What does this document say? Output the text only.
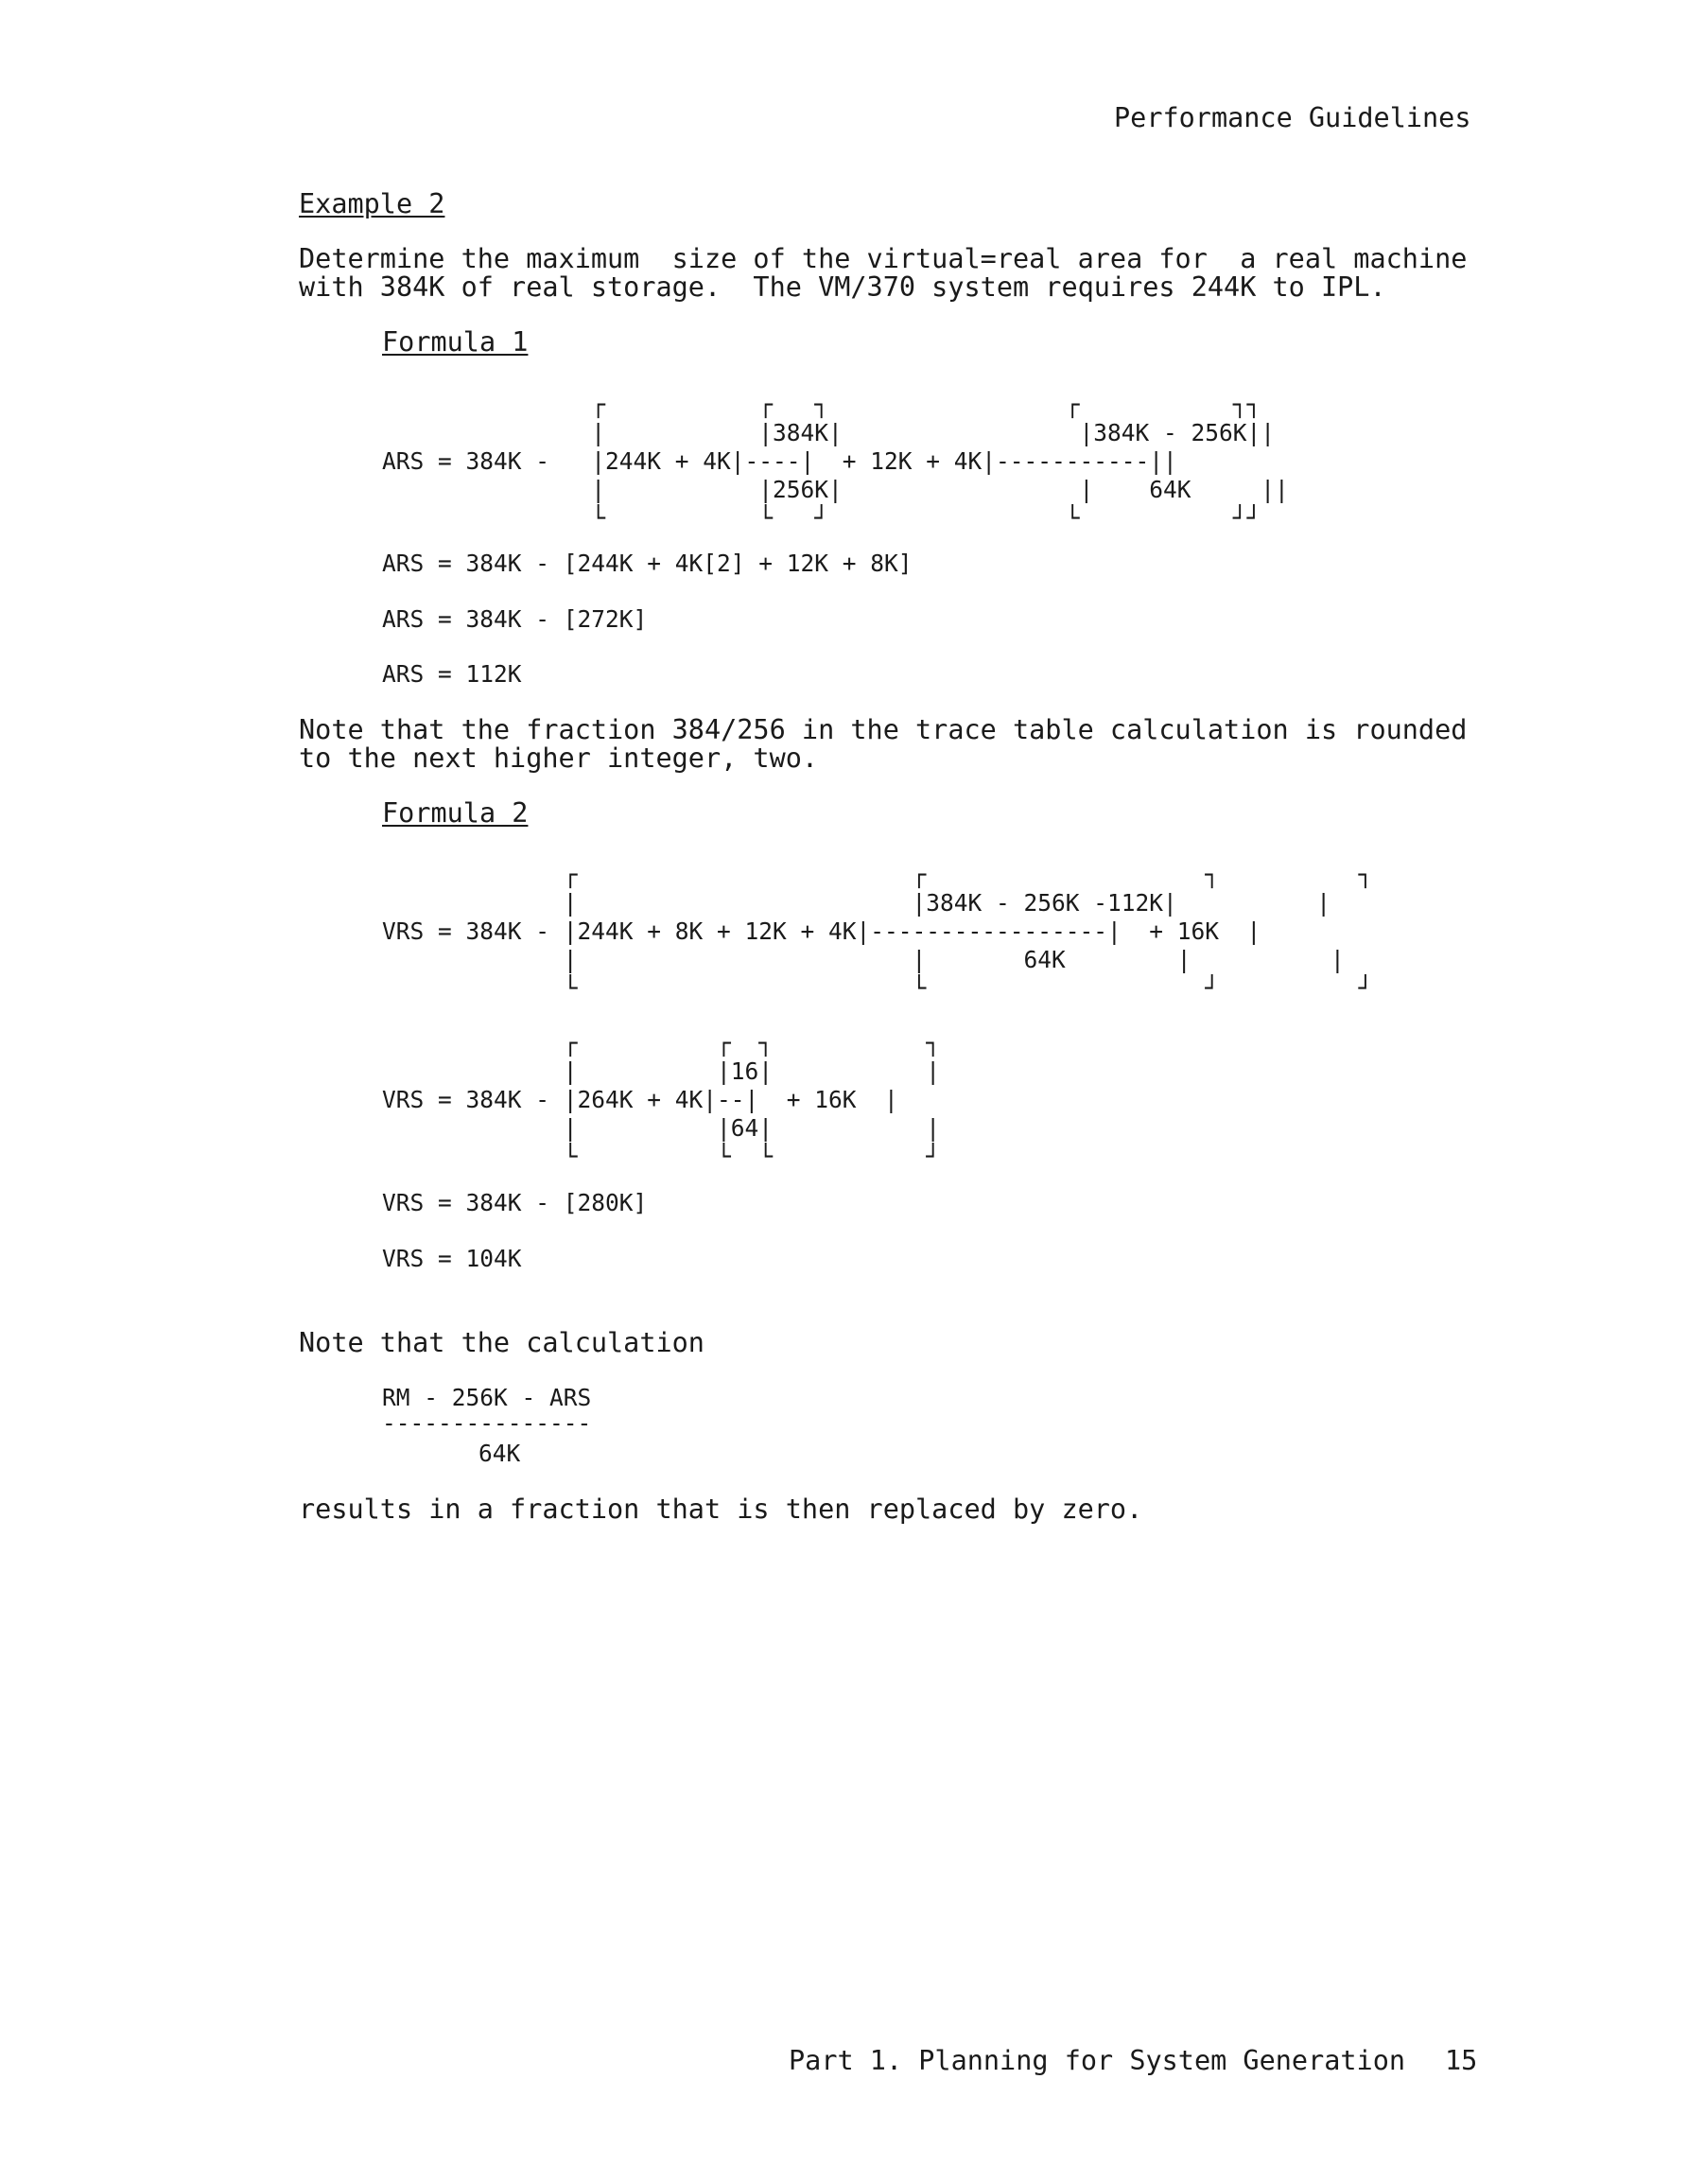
Performance Guidelines
Example 2
Determine the maximum  size of the virtual=real area for  a real machine
with 384K of real storage.  The VM/370 system requires 244K to IPL.
Formula 1
┌           ┌   ┐                 ┌           ┐┐
|           |384K|                 |384K - 256K||
ARS = 384K -   |244K + 4K|----|  + 12K + 4K|-----------||
|           |256K|                 |    64K     ||
└           └   ┘                 └           ┘┘
ARS = 384K - [244K + 4K[2] + 12K + 8K]
ARS = 384K - [272K]
ARS = 112K
Note that the fraction 384/256 in the trace table calculation is rounded
to the next higher integer, two.
Formula 2
┌                        ┌                    ┐          ┐
|                        |384K - 256K -112K|          |
VRS = 384K - |244K + 8K + 12K + 4K|-----------------|  + 16K  |
|                        |       64K        |          |
└                        └                    ┘          ┘
┌          ┌  ┐           ┐
|          |16|           |
VRS = 384K - |264K + 4K|--|  + 16K  |
|          |64|           |
└          └  └           ┘
VRS = 384K - [280K]
VRS = 104K
Note that the calculation
RM - 256K - ARS
---------------
64K
results in a fraction that is then replaced by zero.
Part 1. Planning for System Generation 15
